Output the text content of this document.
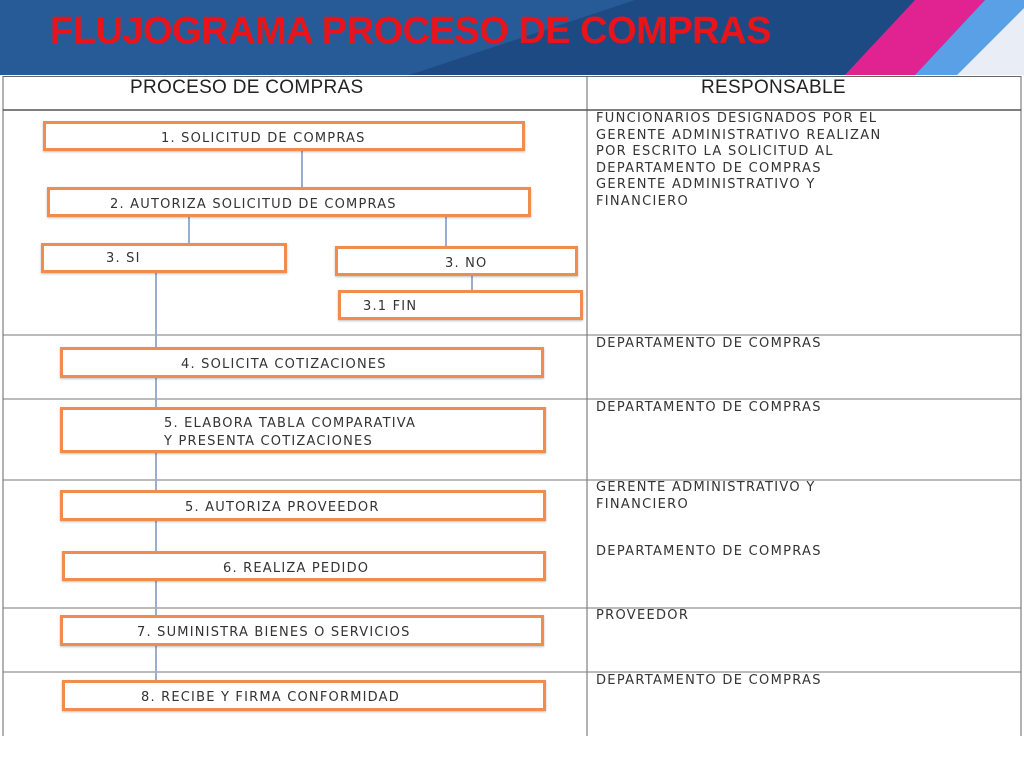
FLUJOGRAMA PROCESO DE COMPRAS
PROCESO DE COMPRAS	RESPONSABLE
1. SOLICITUD DE COMPRAS
2. AUTORIZA SOLICITUD DE COMPRAS
3. SI	3. NO
3.1 FIN
4. SOLICITA COTIZACIONES
5. ELABORA TABLA COMPARATIVA
Y PRESENTA COTIZACIONES
5. AUTORIZA PROVEEDOR
6. REALIZA PEDIDO
7. SUMINISTRA BIENES O SERVICIOS
8. RECIBE Y FIRMA CONFORMIDAD
FUNCIONARIOS DESIGNADOS POR EL
GERENTE ADMINISTRATIVO REALIZAN
POR ESCRITO LA SOLICITUD AL
DEPARTAMENTO DE COMPRAS
GERENTE ADMINISTRATIVO Y
FINANCIERO
DEPARTAMENTO DE COMPRAS
DEPARTAMENTO DE COMPRAS
GERENTE ADMINISTRATIVO Y
FINANCIERO
DEPARTAMENTO DE COMPRAS
PROVEEDOR
DEPARTAMENTO DE COMPRAS
